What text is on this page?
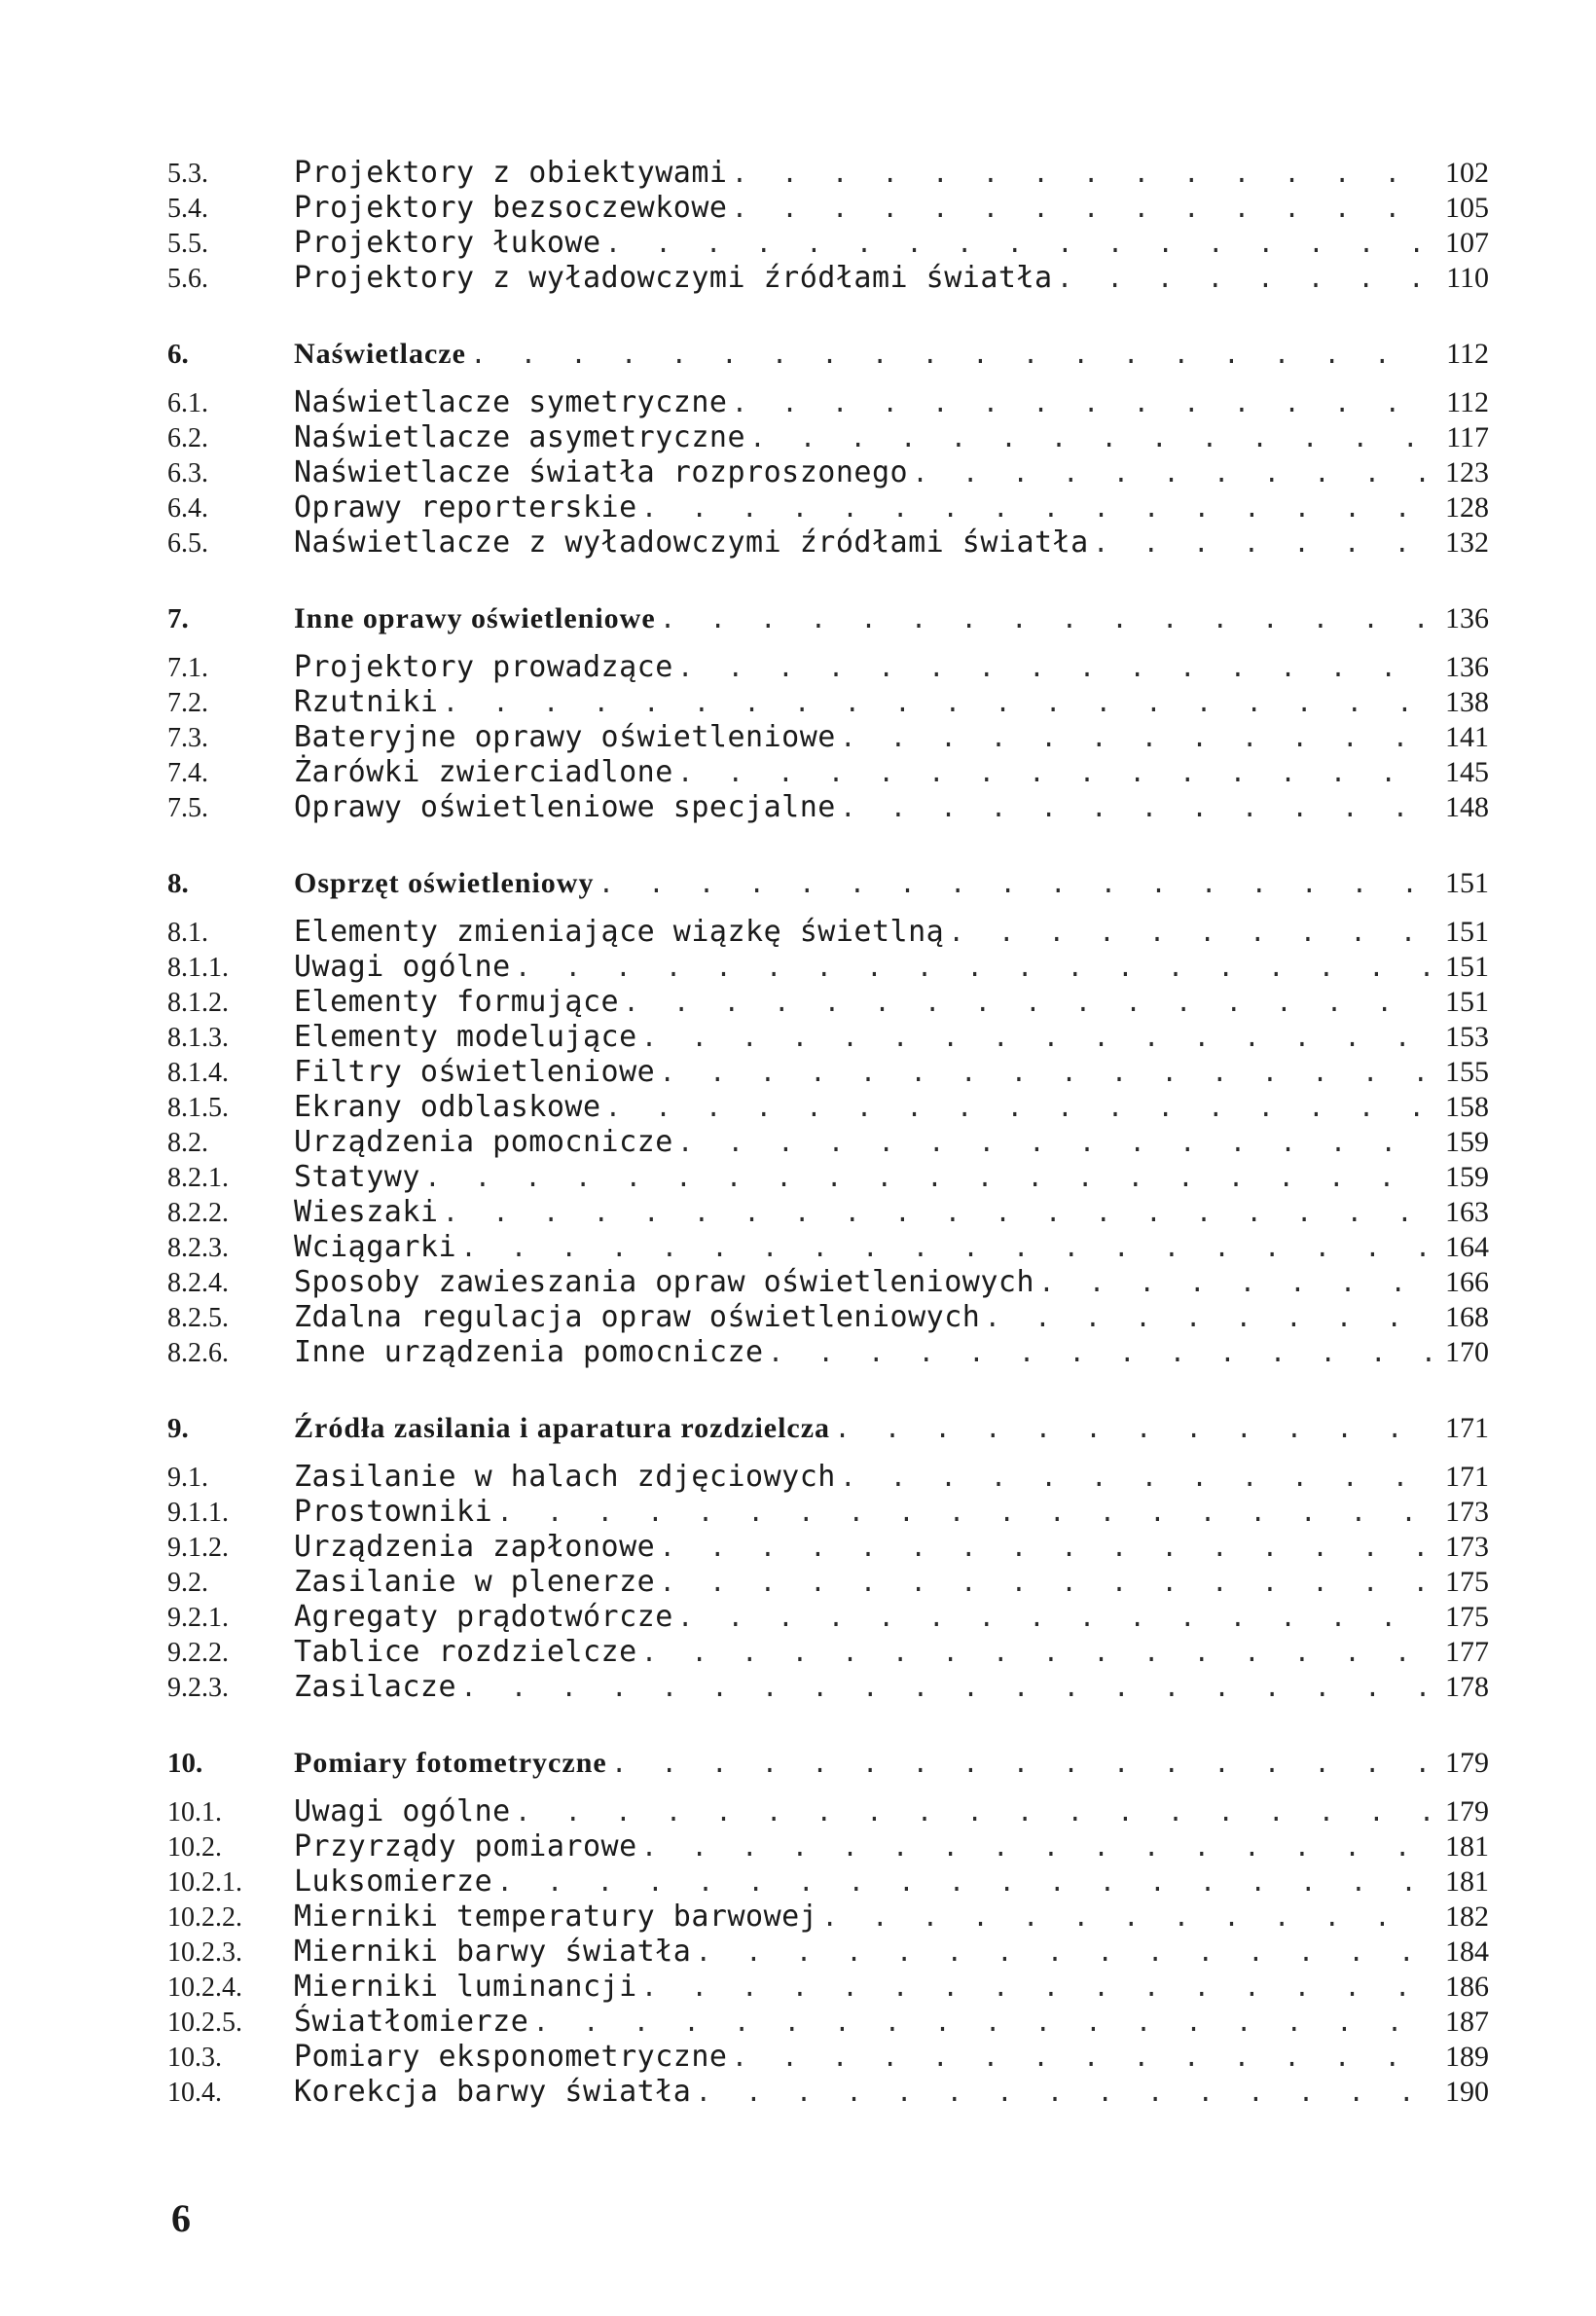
5.3.	Projektory z obiektywami . . .	102
5.4.	Projektory bezsoczewkowe . . .	105
5.5.	Projektory łukowe . . .	107
5.6.	Projektory z wyładowczymi źródłami światła . . .	110
6.	Naświetlacze . . .	112
6.1.	Naświetlacze symetryczne . . .	112
6.2.	Naświetlacze asymetryczne . . .	117
6.3.	Naświetlacze światła rozproszonego . . .	123
6.4.	Oprawy reporterskie . . .	128
6.5.	Naświetlacze z wyładowczymi źródłami światła . . .	132
7.	Inne oprawy oświetleniowe . . .	136
7.1.	Projektory prowadzące . . .	136
7.2.	Rzutniki . . .	138
7.3.	Bateryjne oprawy oświetleniowe . . .	141
7.4.	Żarówki zwierciadlone . . .	145
7.5.	Oprawy oświetleniowe specjalne . . .	148
8.	Osprzęt oświetleniowy . . .	151
8.1.	Elementy zmieniające wiązkę świetlną . . .	151
8.1.1.	Uwagi ogólne . . .	151
8.1.2.	Elementy formujące . . .	151
8.1.3.	Elementy modelujące . . .	153
8.1.4.	Filtry oświetleniowe . . .	155
8.1.5.	Ekrany odblaskowe . . .	158
8.2.	Urządzenia pomocnicze . . .	159
8.2.1.	Statywy . . .	159
8.2.2.	Wieszaki . . .	163
8.2.3.	Wciągarki . . .	164
8.2.4.	Sposoby zawieszania opraw oświetleniowych . . .	166
8.2.5.	Zdalna regulacja opraw oświetleniowych . . .	168
8.2.6.	Inne urządzenia pomocnicze . . .	170
9.	Źródła zasilania i aparatura rozdzielcza . . .	171
9.1.	Zasilanie w halach zdjęciowych . . .	171
9.1.1.	Prostowniki . . .	173
9.1.2.	Urządzenia zapłonowe . . .	173
9.2.	Zasilanie w plenerze . . .	175
9.2.1.	Agregaty prądotwórcze . . .	175
9.2.2.	Tablice rozdzielcze . . .	177
9.2.3.	Zasilacze . . .	178
10.	Pomiary fotometryczne . . .	179
10.1.	Uwagi ogólne . . .	179
10.2.	Przyrządy pomiarowe . . .	181
10.2.1.	Luksomierze . . .	181
10.2.2.	Mierniki temperatury barwowej . . .	182
10.2.3.	Mierniki barwy światła . . .	184
10.2.4.	Mierniki luminancji . . .	186
10.2.5.	Światłomierze . . .	187
10.3.	Pomiary eksponometryczne . . .	189
10.4.	Korekcja barwy światła . . .	190
6
